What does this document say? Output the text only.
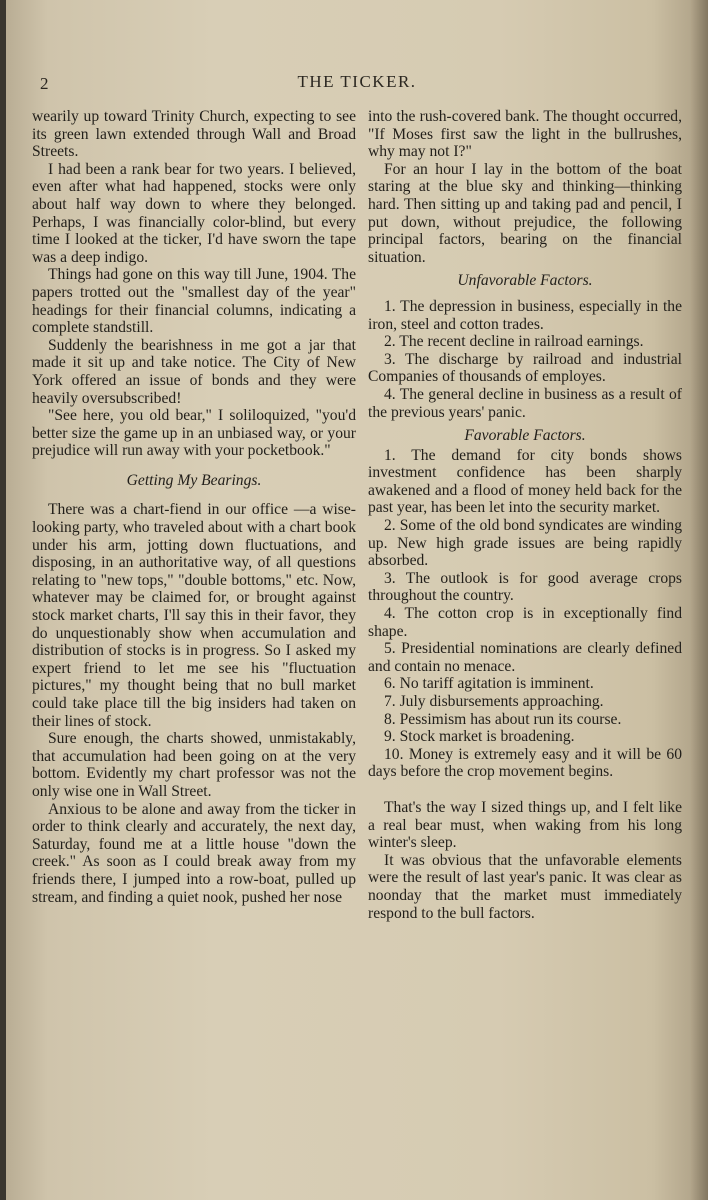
2	THE TICKER.

wearily up toward Trinity Church, expecting to see its green lawn extended through Wall and Broad Streets.

I had been a rank bear for two years. I believed, even after what had happened, stocks were only about half way down to where they belonged. Perhaps, I was financially color-blind, but every time I looked at the ticker, I'd have sworn the tape was a deep indigo.

Things had gone on this way till June, 1904. The papers trotted out the "smallest day of the year" headings for their financial columns, indicating a complete standstill.

Suddenly the bearishness in me got a jar that made it sit up and take notice. The City of New York offered an issue of bonds and they were heavily oversubscribed!

"See here, you old bear," I soliloquized, "you'd better size the game up in an unbiased way, or your prejudice will run away with your pocketbook."

Getting My Bearings.

There was a chart-fiend in our office —a wise-looking party, who traveled about with a chart book under his arm, jotting down fluctuations, and disposing, in an authoritative way, of all questions relating to "new tops," "double bottoms," etc. Now, whatever may be claimed for, or brought against stock market charts, I'll say this in their favor, they do unquestionably show when accumulation and distribution of stocks is in progress. So I asked my expert friend to let me see his "fluctuation pictures," my thought being that no bull market could take place till the big insiders had taken on their lines of stock.

Sure enough, the charts showed, unmistakably, that accumulation had been going on at the very bottom. Evidently my chart professor was not the only wise one in Wall Street.

Anxious to be alone and away from the ticker in order to think clearly and accurately, the next day, Saturday, found me at a little house "down the creek." As soon as I could break away from my friends there, I jumped into a row-boat, pulled up stream, and finding a quiet nook, pushed her nose

into the rush-covered bank. The thought occurred, "If Moses first saw the light in the bullrushes, why may not I?"

For an hour I lay in the bottom of the boat staring at the blue sky and thinking—thinking hard. Then sitting up and taking pad and pencil, I put down, without prejudice, the following principal factors, bearing on the financial situation.

Unfavorable Factors.

1. The depression in business, especially in the iron, steel and cotton trades.

2. The recent decline in railroad earnings.

3. The discharge by railroad and industrial Companies of thousands of employes.

4. The general decline in business as a result of the previous years' panic.

Favorable Factors.

1. The demand for city bonds shows investment confidence has been sharply awakened and a flood of money held back for the past year, has been let into the security market.

2. Some of the old bond syndicates are winding up. New high grade issues are being rapidly absorbed.

3. The outlook is for good average crops throughout the country.

4. The cotton crop is in exceptionally find shape.

5. Presidential nominations are clearly defined and contain no menace.

6. No tariff agitation is imminent.

7. July disbursements approaching.

8. Pessimism has about run its course.

9. Stock market is broadening.

10. Money is extremely easy and it will be 60 days before the crop movement begins.

That's the way I sized things up, and I felt like a real bear must, when waking from his long winter's sleep.

It was obvious that the unfavorable elements were the result of last year's panic. It was clear as noonday that the market must immediately respond to the bull factors.
